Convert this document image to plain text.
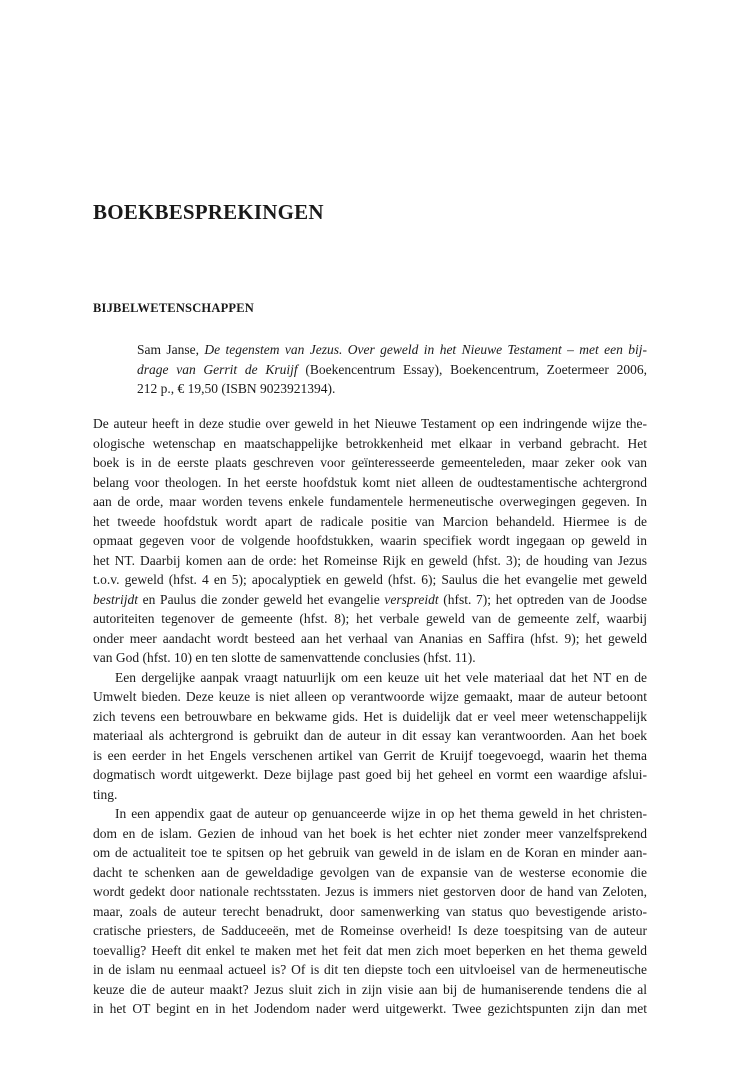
BOEKBESPREKINGEN
BIJBELWETENSCHAPPEN
Sam Janse, De tegenstem van Jezus. Over geweld in het Nieuwe Testament – met een bij-
drage van Gerrit de Kruijf (Boekencentrum Essay), Boekencentrum, Zoetermeer 2006,
212 p., € 19,50 (ISBN 9023921394).
De auteur heeft in deze studie over geweld in het Nieuwe Testament op een indringende wijze the-
ologische wetenschap en maatschappelijke betrokkenheid met elkaar in verband gebracht. Het
boek is in de eerste plaats geschreven voor geïnteresseerde gemeenteleden, maar zeker ook van
belang voor theologen. In het eerste hoofdstuk komt niet alleen de oudtestamentische achtergrond
aan de orde, maar worden tevens enkele fundamentele hermeneutische overwegingen gegeven. In
het tweede hoofdstuk wordt apart de radicale positie van Marcion behandeld. Hiermee is de
opmaat gegeven voor de volgende hoofdstukken, waarin specifiek wordt ingegaan op geweld in
het NT. Daarbij komen aan de orde: het Romeinse Rijk en geweld (hfst. 3); de houding van Jezus
t.o.v. geweld (hfst. 4 en 5); apocalyptiek en geweld (hfst. 6); Saulus die het evangelie met geweld
bestrijdt en Paulus die zonder geweld het evangelie verspreidt (hfst. 7); het optreden van de Joodse
autoriteiten tegenover de gemeente (hfst. 8); het verbale geweld van de gemeente zelf, waarbij
onder meer aandacht wordt besteed aan het verhaal van Ananias en Saffira (hfst. 9); het geweld
van God (hfst. 10) en ten slotte de samenvattende conclusies (hfst. 11).
Een dergelijke aanpak vraagt natuurlijk om een keuze uit het vele materiaal dat het NT en de
Umwelt bieden. Deze keuze is niet alleen op verantwoorde wijze gemaakt, maar de auteur betoont
zich tevens een betrouwbare en bekwame gids. Het is duidelijk dat er veel meer wetenschappelijk
materiaal als achtergrond is gebruikt dan de auteur in dit essay kan verantwoorden. Aan het boek
is een eerder in het Engels verschenen artikel van Gerrit de Kruijf toegevoegd, waarin het thema
dogmatisch wordt uitgewerkt. Deze bijlage past goed bij het geheel en vormt een waardige afslui-
ting.
In een appendix gaat de auteur op genuanceerde wijze in op het thema geweld in het christen-
dom en de islam. Gezien de inhoud van het boek is het echter niet zonder meer vanzelfsprekend
om de actualiteit toe te spitsen op het gebruik van geweld in de islam en de Koran en minder aan-
dacht te schenken aan de geweldadige gevolgen van de expansie van de westerse economie die
wordt gedekt door nationale rechtsstaten. Jezus is immers niet gestorven door de hand van Zeloten,
maar, zoals de auteur terecht benadrukt, door samenwerking van status quo bevestigende aristo-
cratische priesters, de Sadduceeën, met de Romeinse overheid! Is deze toespitsing van de auteur
toevallig? Heeft dit enkel te maken met het feit dat men zich moet beperken en het thema geweld
in de islam nu eenmaal actueel is? Of is dit ten diepste toch een uitvloeisel van de hermeneutische
keuze die de auteur maakt? Jezus sluit zich in zijn visie aan bij de humaniserende tendens die al
in het OT begint en in het Jodendom nader werd uitgewerkt. Twee gezichtspunten zijn dan met
